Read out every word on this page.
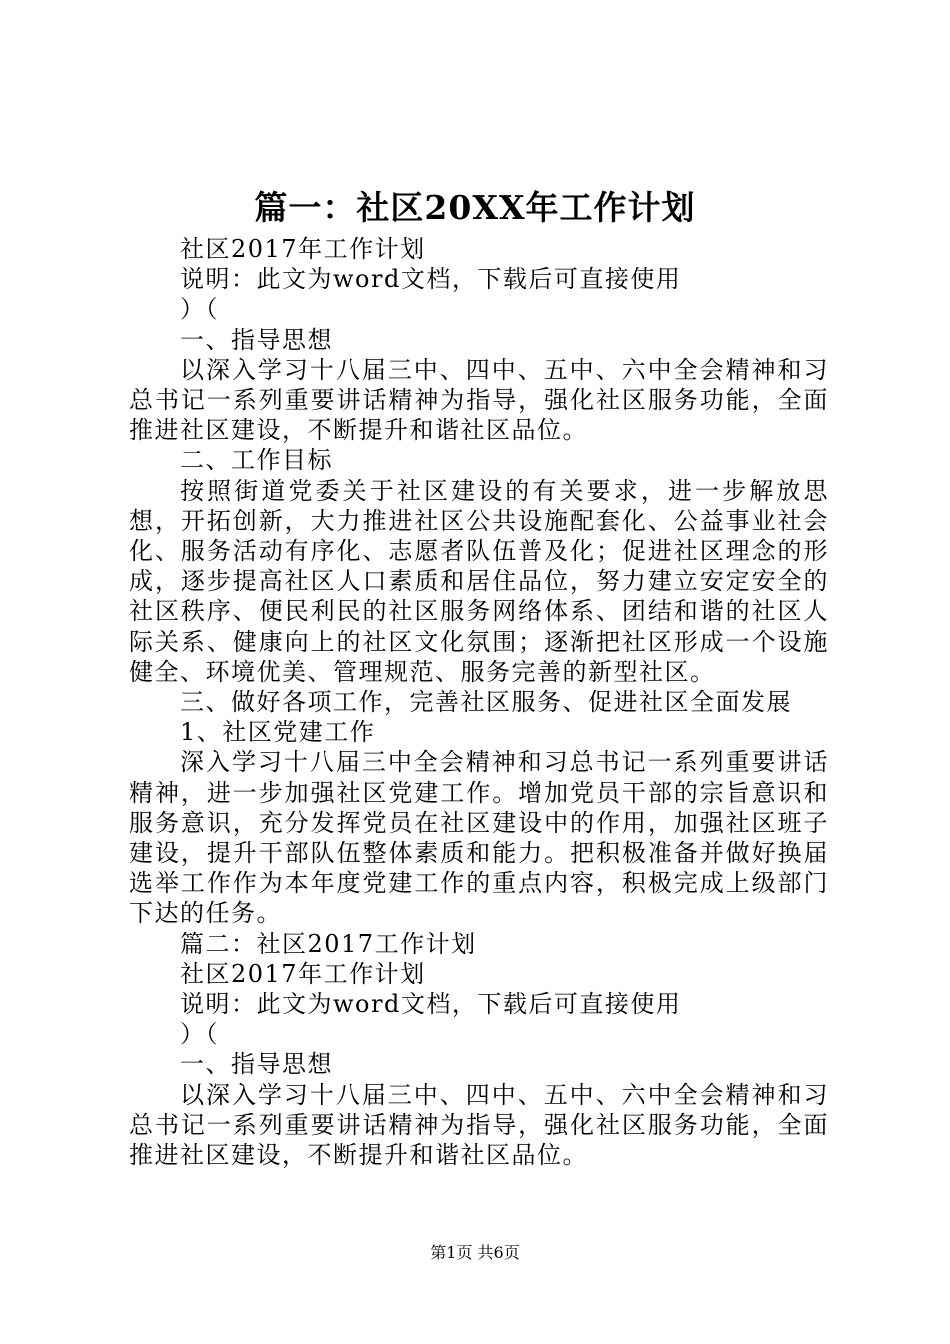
篇一：社区20XX年工作计划

社区2017年工作计划

说明：此文为word文档，下载后可直接使用

）（

一、指导思想

以深入学习十八届三中、四中、五中、六中全会精神和习总书记一系列重要讲话精神为指导，强化社区服务功能，全面推进社区建设，不断提升和谐社区品位。

二、工作目标

按照街道党委关于社区建设的有关要求，进一步解放思想，开拓创新，大力推进社区公共设施配套化、公益事业社会化、服务活动有序化、志愿者队伍普及化；促进社区理念的形成，逐步提高社区人口素质和居住品位，努力建立安定安全的社区秩序、便民利民的社区服务网络体系、团结和谐的社区人际关系、健康向上的社区文化氛围；逐渐把社区形成一个设施健全、环境优美、管理规范、服务完善的新型社区。

三、做好各项工作，完善社区服务、促进社区全面发展

1、社区党建工作

深入学习十八届三中全会精神和习总书记一系列重要讲话精神，进一步加强社区党建工作。增加党员干部的宗旨意识和服务意识，充分发挥党员在社区建设中的作用，加强社区班子建设，提升干部队伍整体素质和能力。把积极准备并做好换届选举工作作为本年度党建工作的重点内容，积极完成上级部门下达的任务。

篇二：社区2017工作计划

社区2017年工作计划

说明：此文为word文档，下载后可直接使用

）（

一、指导思想

以深入学习十八届三中、四中、五中、六中全会精神和习总书记一系列重要讲话精神为指导，强化社区服务功能，全面推进社区建设，不断提升和谐社区品位。

第1页 共6页
